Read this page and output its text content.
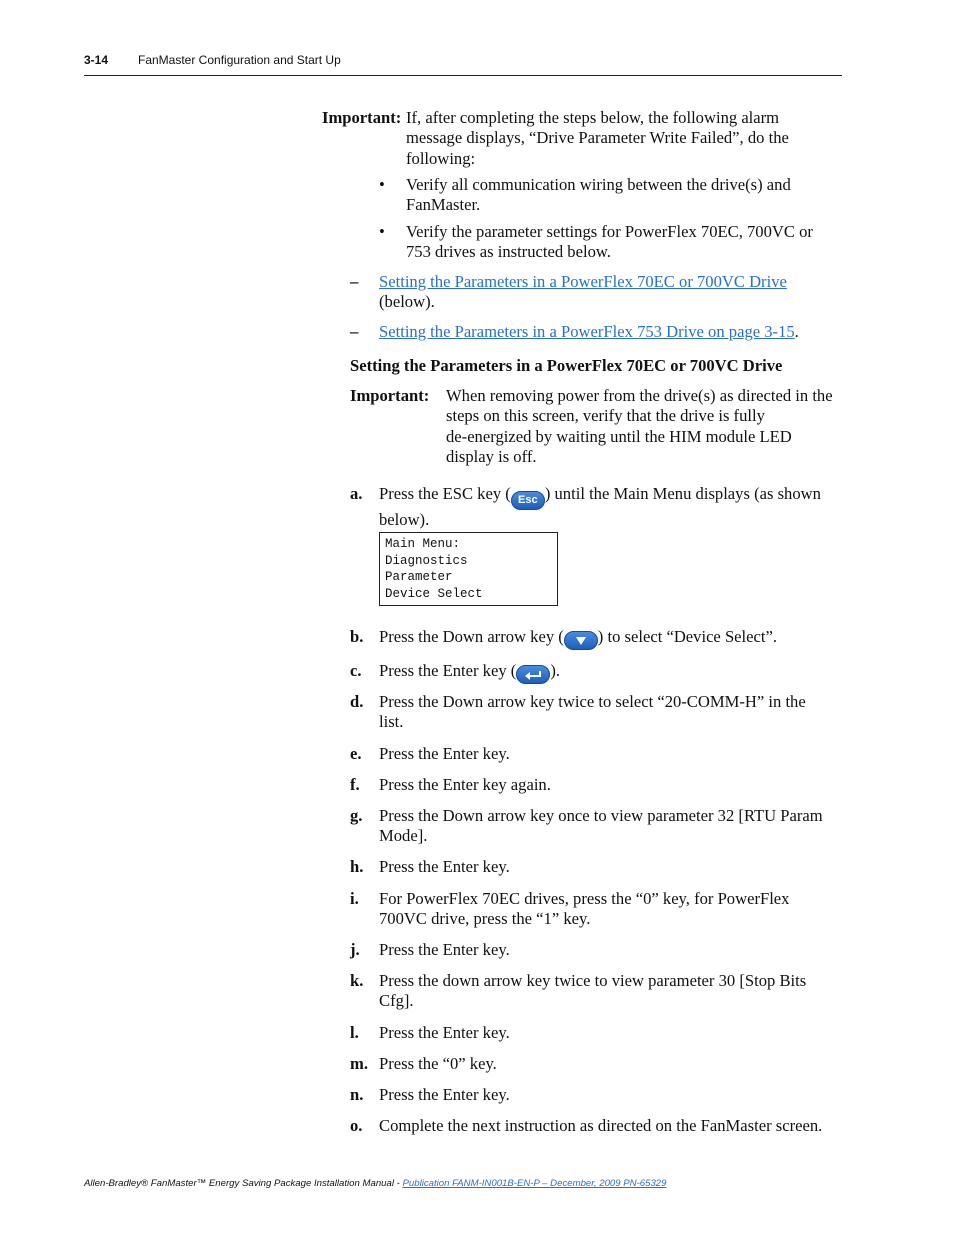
3-14 FanMaster Configuration and Start Up
Important: If, after completing the steps below, the following alarm
message displays, “Drive Parameter Write Failed”, do the
following:
• Verify all communication wiring between the drive(s) and
FanMaster.
• Verify the parameter settings for PowerFlex 70EC, 700VC or
753 drives as instructed below.
– Setting the Parameters in a PowerFlex 70EC or 700VC Drive
(below).
– Setting the Parameters in a PowerFlex 753 Drive on page 3-15.
Setting the Parameters in a PowerFlex 70EC or 700VC Drive
Important: When removing power from the drive(s) as directed in the
steps on this screen, verify that the drive is fully
de-energized by waiting until the HIM module LED
display is off.
a. Press the ESC key ( Esc ) until the Main Menu displays (as shown
below).
Main Menu:
Diagnostics
Parameter
Device Select
b. Press the Down arrow key ( ) to select “Device Select”.
c. Press the Enter key ( ).
d. Press the Down arrow key twice to select “20-COMM-H” in the
list.
e. Press the Enter key.
f. Press the Enter key again.
g. Press the Down arrow key once to view parameter 32 [RTU Param
Mode].
h. Press the Enter key.
i. For PowerFlex 70EC drives, press the “0” key, for PowerFlex
700VC drive, press the “1” key.
j. Press the Enter key.
k. Press the down arrow key twice to view parameter 30 [Stop Bits
Cfg].
l. Press the Enter key.
m. Press the “0” key.
n. Press the Enter key.
o. Complete the next instruction as directed on the FanMaster screen.
Allen-Bradley® FanMaster™ Energy Saving Package Installation Manual - Publication FANM-IN001B-EN-P – December, 2009 PN-65329
